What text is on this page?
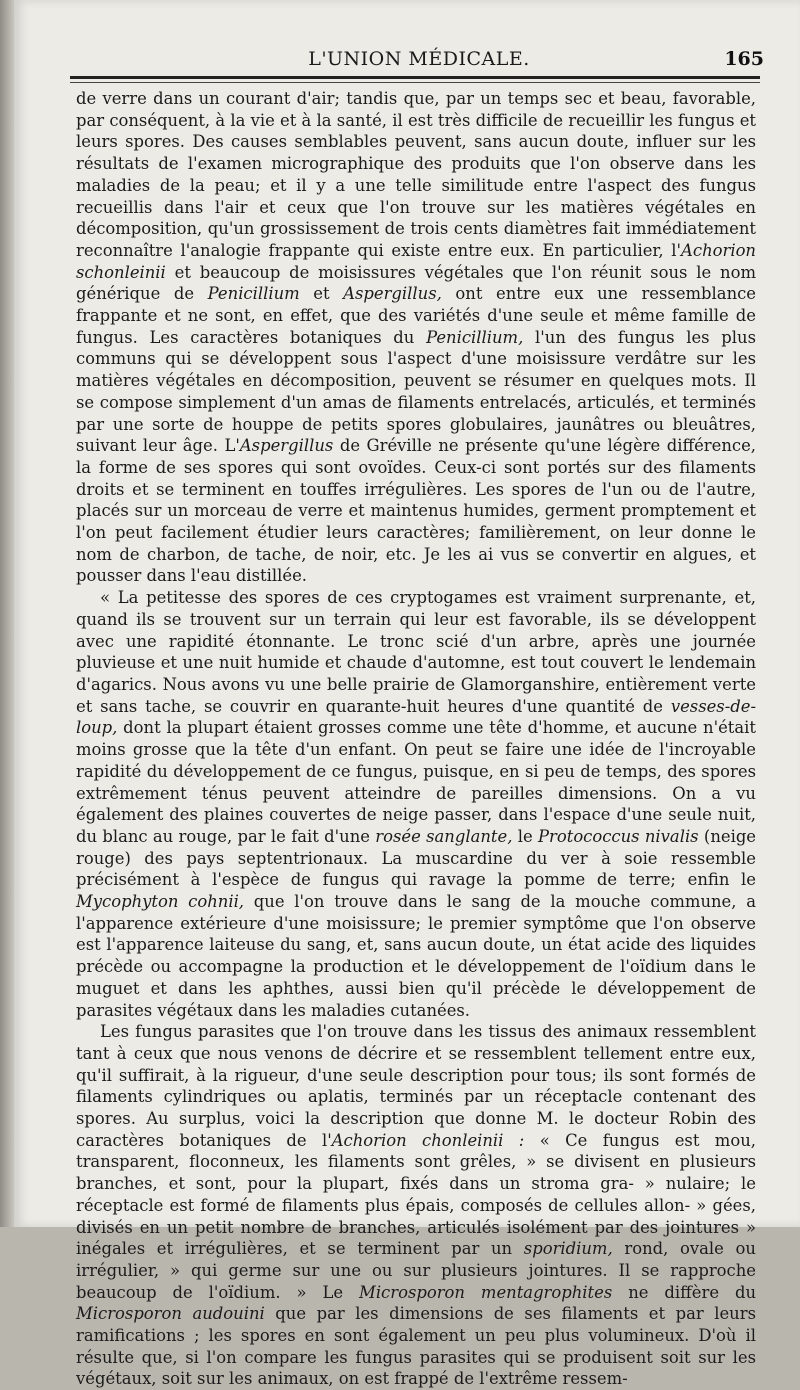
L'UNION MÉDICALE.	165

de verre dans un courant d'air; tandis que, par un temps sec et beau, favorable, par conséquent, à la vie et à la santé, il est très difficile de recueillir les fungus et leurs spores. Des causes semblables peuvent, sans aucun doute, influer sur les résultats de l'examen micrographique des produits que l'on observe dans les maladies de la peau; et il y a une telle similitude entre l'aspect des fungus recueillis dans l'air et ceux que l'on trouve sur les matières végétales en décomposition, qu'un grossissement de trois cents diamètres fait immédiatement reconnaître l'analogie frappante qui existe entre eux. En particulier, l'Achorion schonleinii et beaucoup de moisissures végétales que l'on réunit sous le nom générique de Penicillium et Aspergillus, ont entre eux une ressemblance frappante et ne sont, en effet, que des variétés d'une seule et même famille de fungus. Les caractères botaniques du Penicillium, l'un des fungus les plus communs qui se développent sous l'aspect d'une moisissure verdâtre sur les matières végétales en décomposition, peuvent se résumer en quelques mots. Il se compose simplement d'un amas de filaments entrelacés, articulés, et terminés par une sorte de houppe de petits spores globulaires, jaunâtres ou bleuâtres, suivant leur âge. L'Aspergillus de Gréville ne présente qu'une légère différence, la forme de ses spores qui sont ovoïdes. Ceux-ci sont portés sur des filaments droits et se terminent en touffes irrégulières. Les spores de l'un ou de l'autre, placés sur un morceau de verre et maintenus humides, germent promptement et l'on peut facilement étudier leurs caractères; familièrement, on leur donne le nom de charbon, de tache, de noir, etc. Je les ai vus se convertir en algues, et pousser dans l'eau distillée.

« La petitesse des spores de ces cryptogames est vraiment surprenante, et, quand ils se trouvent sur un terrain qui leur est favorable, ils se développent avec une rapidité étonnante. Le tronc scié d'un arbre, après une journée pluvieuse et une nuit humide et chaude d'automne, est tout couvert le lendemain d'agarics. Nous avons vu une belle prairie de Glamorganshire, entièrement verte et sans tache, se couvrir en quarante-huit heures d'une quantité de vesses-de-loup, dont la plupart étaient grosses comme une tête d'homme, et aucune n'était moins grosse que la tête d'un enfant. On peut se faire une idée de l'incroyable rapidité du développement de ce fungus, puisque, en si peu de temps, des spores extrêmement ténus peuvent atteindre de pareilles dimensions. On a vu également des plaines couvertes de neige passer, dans l'espace d'une seule nuit, du blanc au rouge, par le fait d'une rosée sanglante, le Protococcus nivalis (neige rouge) des pays septentrionaux. La muscardine du ver à soie ressemble précisément à l'espèce de fungus qui ravage la pomme de terre; enfin le Mycophyton cohnii, que l'on trouve dans le sang de la mouche commune, a l'apparence extérieure d'une moisissure; le premier symptôme que l'on observe est l'apparence laiteuse du sang, et, sans aucun doute, un état acide des liquides précède ou accompagne la production et le développement de l'oïdium dans le muguet et dans les aphthes, aussi bien qu'il précède le développement de parasites végétaux dans les maladies cutanées.

Les fungus parasites que l'on trouve dans les tissus des animaux ressemblent tant à ceux que nous venons de décrire et se ressemblent tellement entre eux, qu'il suffirait, à la rigueur, d'une seule description pour tous; ils sont formés de filaments cylindriques ou aplatis, terminés par un réceptacle contenant des spores. Au surplus, voici la description que donne M. le docteur Robin des caractères botaniques de l'Achorion chonleinii : « Ce fungus est mou, transparent, floconneux, les filaments sont grêles, » se divisent en plusieurs branches, et sont, pour la plupart, fixés dans un stroma gra- » nulaire; le réceptacle est formé de filaments plus épais, composés de cellules allon- » gées, divisés en un petit nombre de branches, articulés isolément par des jointures » inégales et irrégulières, et se terminent par un sporidium, rond, ovale ou irrégulier, » qui germe sur une ou sur plusieurs jointures. Il se rapproche beaucoup de l'oïdium. » Le Microsporon mentagrophites ne diffère du Microsporon audouini que par les dimensions de ses filaments et par leurs ramifications ; les spores en sont également un peu plus volumineux. D'où il résulte que, si l'on compare les fungus parasites qui se produisent soit sur les végétaux, soit sur les animaux, on est frappé de l'extrême ressem-
